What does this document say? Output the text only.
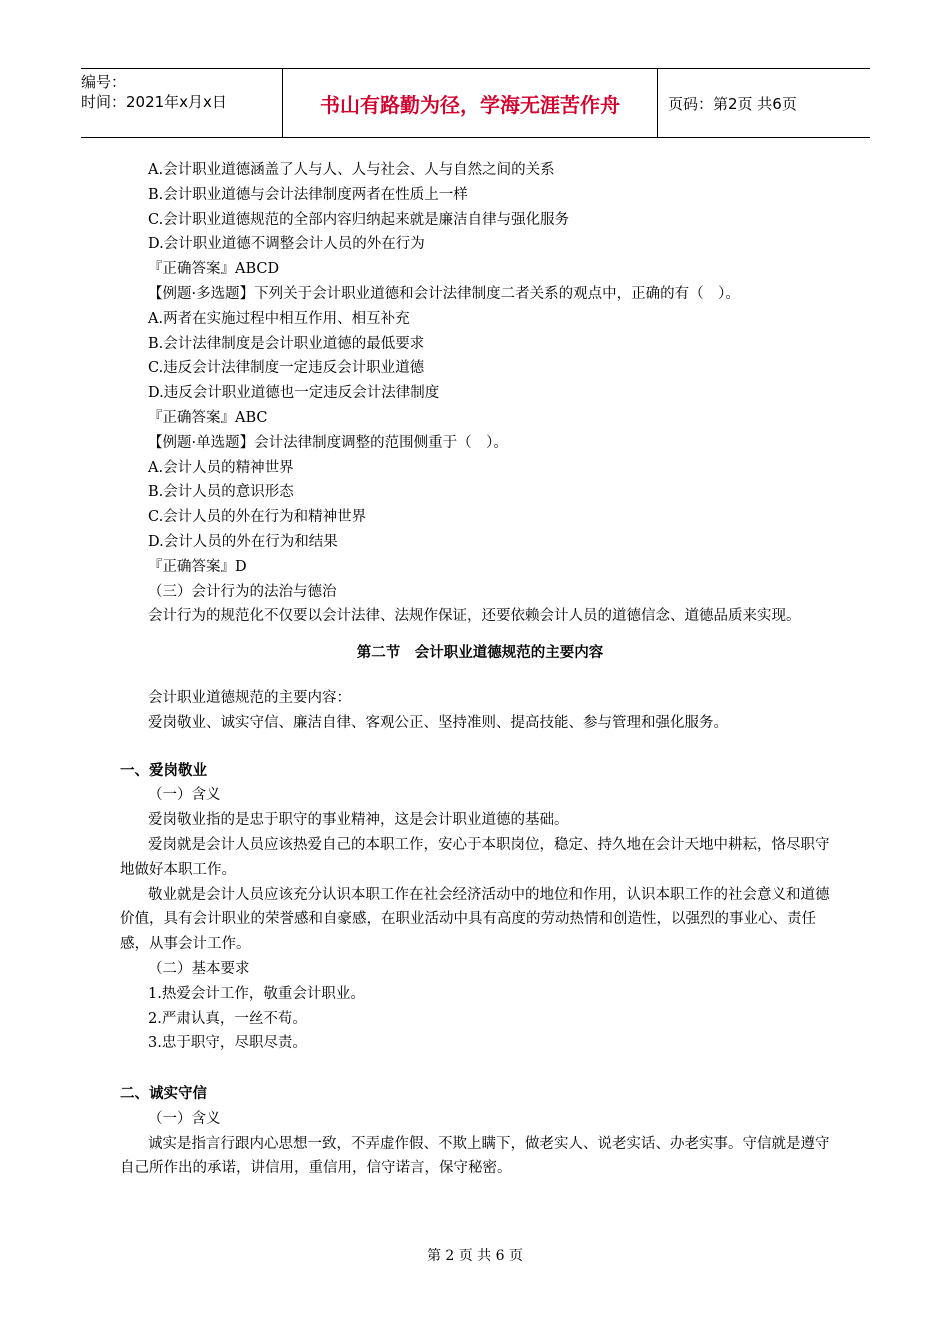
编号：
时间：2021年x月x日	书山有路勤为径，学海无涯苦作舟	页码：第2页 共6页
A.会计职业道德涵盖了人与人、人与社会、人与自然之间的关系
B.会计职业道德与会计法律制度两者在性质上一样
C.会计职业道德规范的全部内容归纳起来就是廉洁自律与强化服务
D.会计职业道德不调整会计人员的外在行为
『正确答案』ABCD
【例题·多选题】下列关于会计职业道德和会计法律制度二者关系的观点中，正确的有（　）。
A.两者在实施过程中相互作用、相互补充
B.会计法律制度是会计职业道德的最低要求
C.违反会计法律制度一定违反会计职业道德
D.违反会计职业道德也一定违反会计法律制度
『正确答案』ABC
【例题·单选题】会计法律制度调整的范围侧重于（　）。
A.会计人员的精神世界
B.会计人员的意识形态
C.会计人员的外在行为和精神世界
D.会计人员的外在行为和结果
『正确答案』D
（三）会计行为的法治与德治
会计行为的规范化不仅要以会计法律、法规作保证，还要依赖会计人员的道德信念、道德品质来实现。
第二节　会计职业道德规范的主要内容
会计职业道德规范的主要内容：
爱岗敬业、诚实守信、廉洁自律、客观公正、坚持准则、提高技能、参与管理和强化服务。
一、爱岗敬业
（一）含义
爱岗敬业指的是忠于职守的事业精神，这是会计职业道德的基础。
爱岗就是会计人员应该热爱自己的本职工作，安心于本职岗位，稳定、持久地在会计天地中耕耘，恪尽职守地做好本职工作。
敬业就是会计人员应该充分认识本职工作在社会经济活动中的地位和作用，认识本职工作的社会意义和道德价值，具有会计职业的荣誉感和自豪感，在职业活动中具有高度的劳动热情和创造性，以强烈的事业心、责任感，从事会计工作。
（二）基本要求
1.热爱会计工作，敬重会计职业。
2.严肃认真，一丝不苟。
3.忠于职守，尽职尽责。
二、诚实守信
（一）含义
诚实是指言行跟内心思想一致，不弄虚作假、不欺上瞒下，做老实人、说老实话、办老实事。守信就是遵守自己所作出的承诺，讲信用，重信用，信守诺言，保守秘密。
第 2 页 共 6 页
